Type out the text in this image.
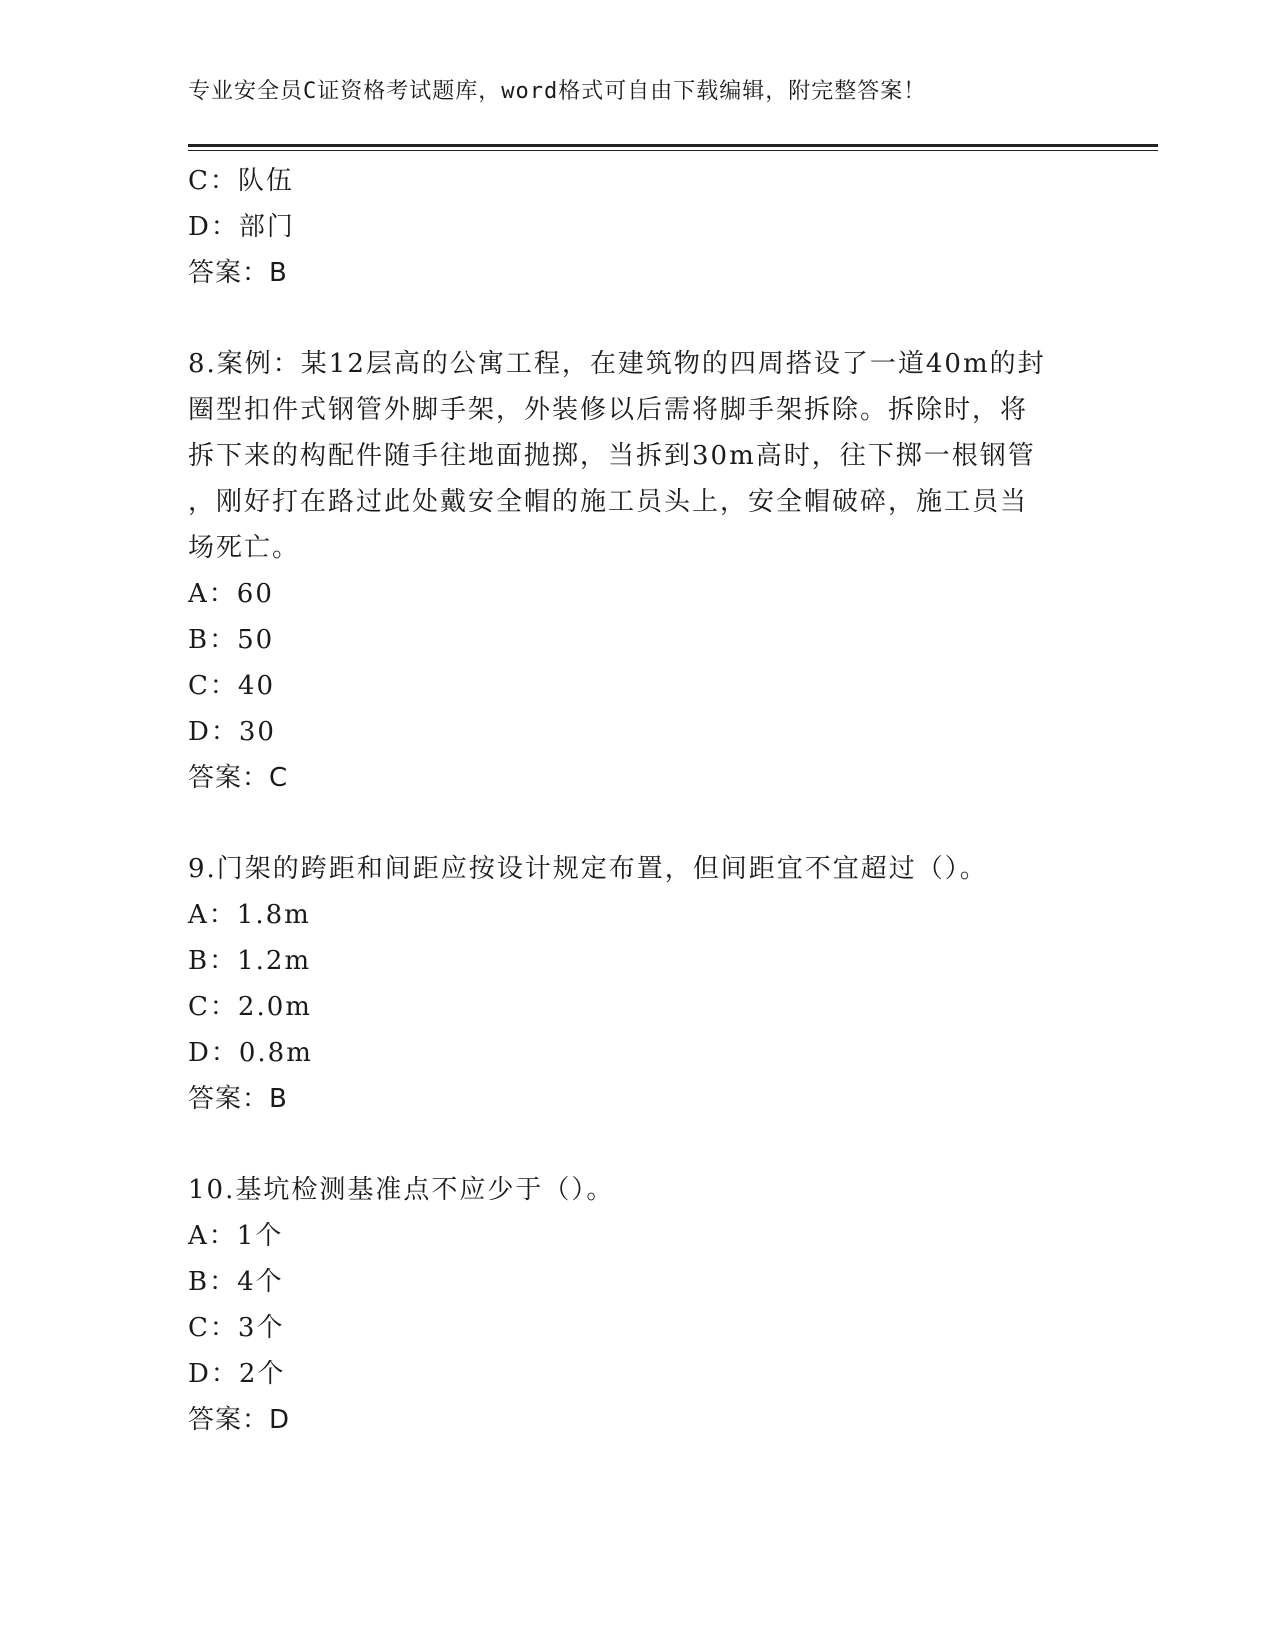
专业安全员C证资格考试题库，word格式可自由下载编辑，附完整答案！
C：队伍
D：部门
答案：B
8.案例：某12层高的公寓工程，在建筑物的四周搭设了一道40m的封
圈型扣件式钢管外脚手架，外装修以后需将脚手架拆除。拆除时，将
拆下来的构配件随手往地面抛掷，当拆到30m高时，往下掷一根钢管
，刚好打在路过此处戴安全帽的施工员头上，安全帽破碎，施工员当
场死亡。
A：60
B：50
C：40
D：30
答案：C
9.门架的跨距和间距应按设计规定布置，但间距宜不宜超过（）。
A：1.8m
B：1.2m
C：2.0m
D：0.8m
答案：B
10.基坑检测基准点不应少于（）。
A：1个
B：4个
C：3个
D：2个
答案：D
